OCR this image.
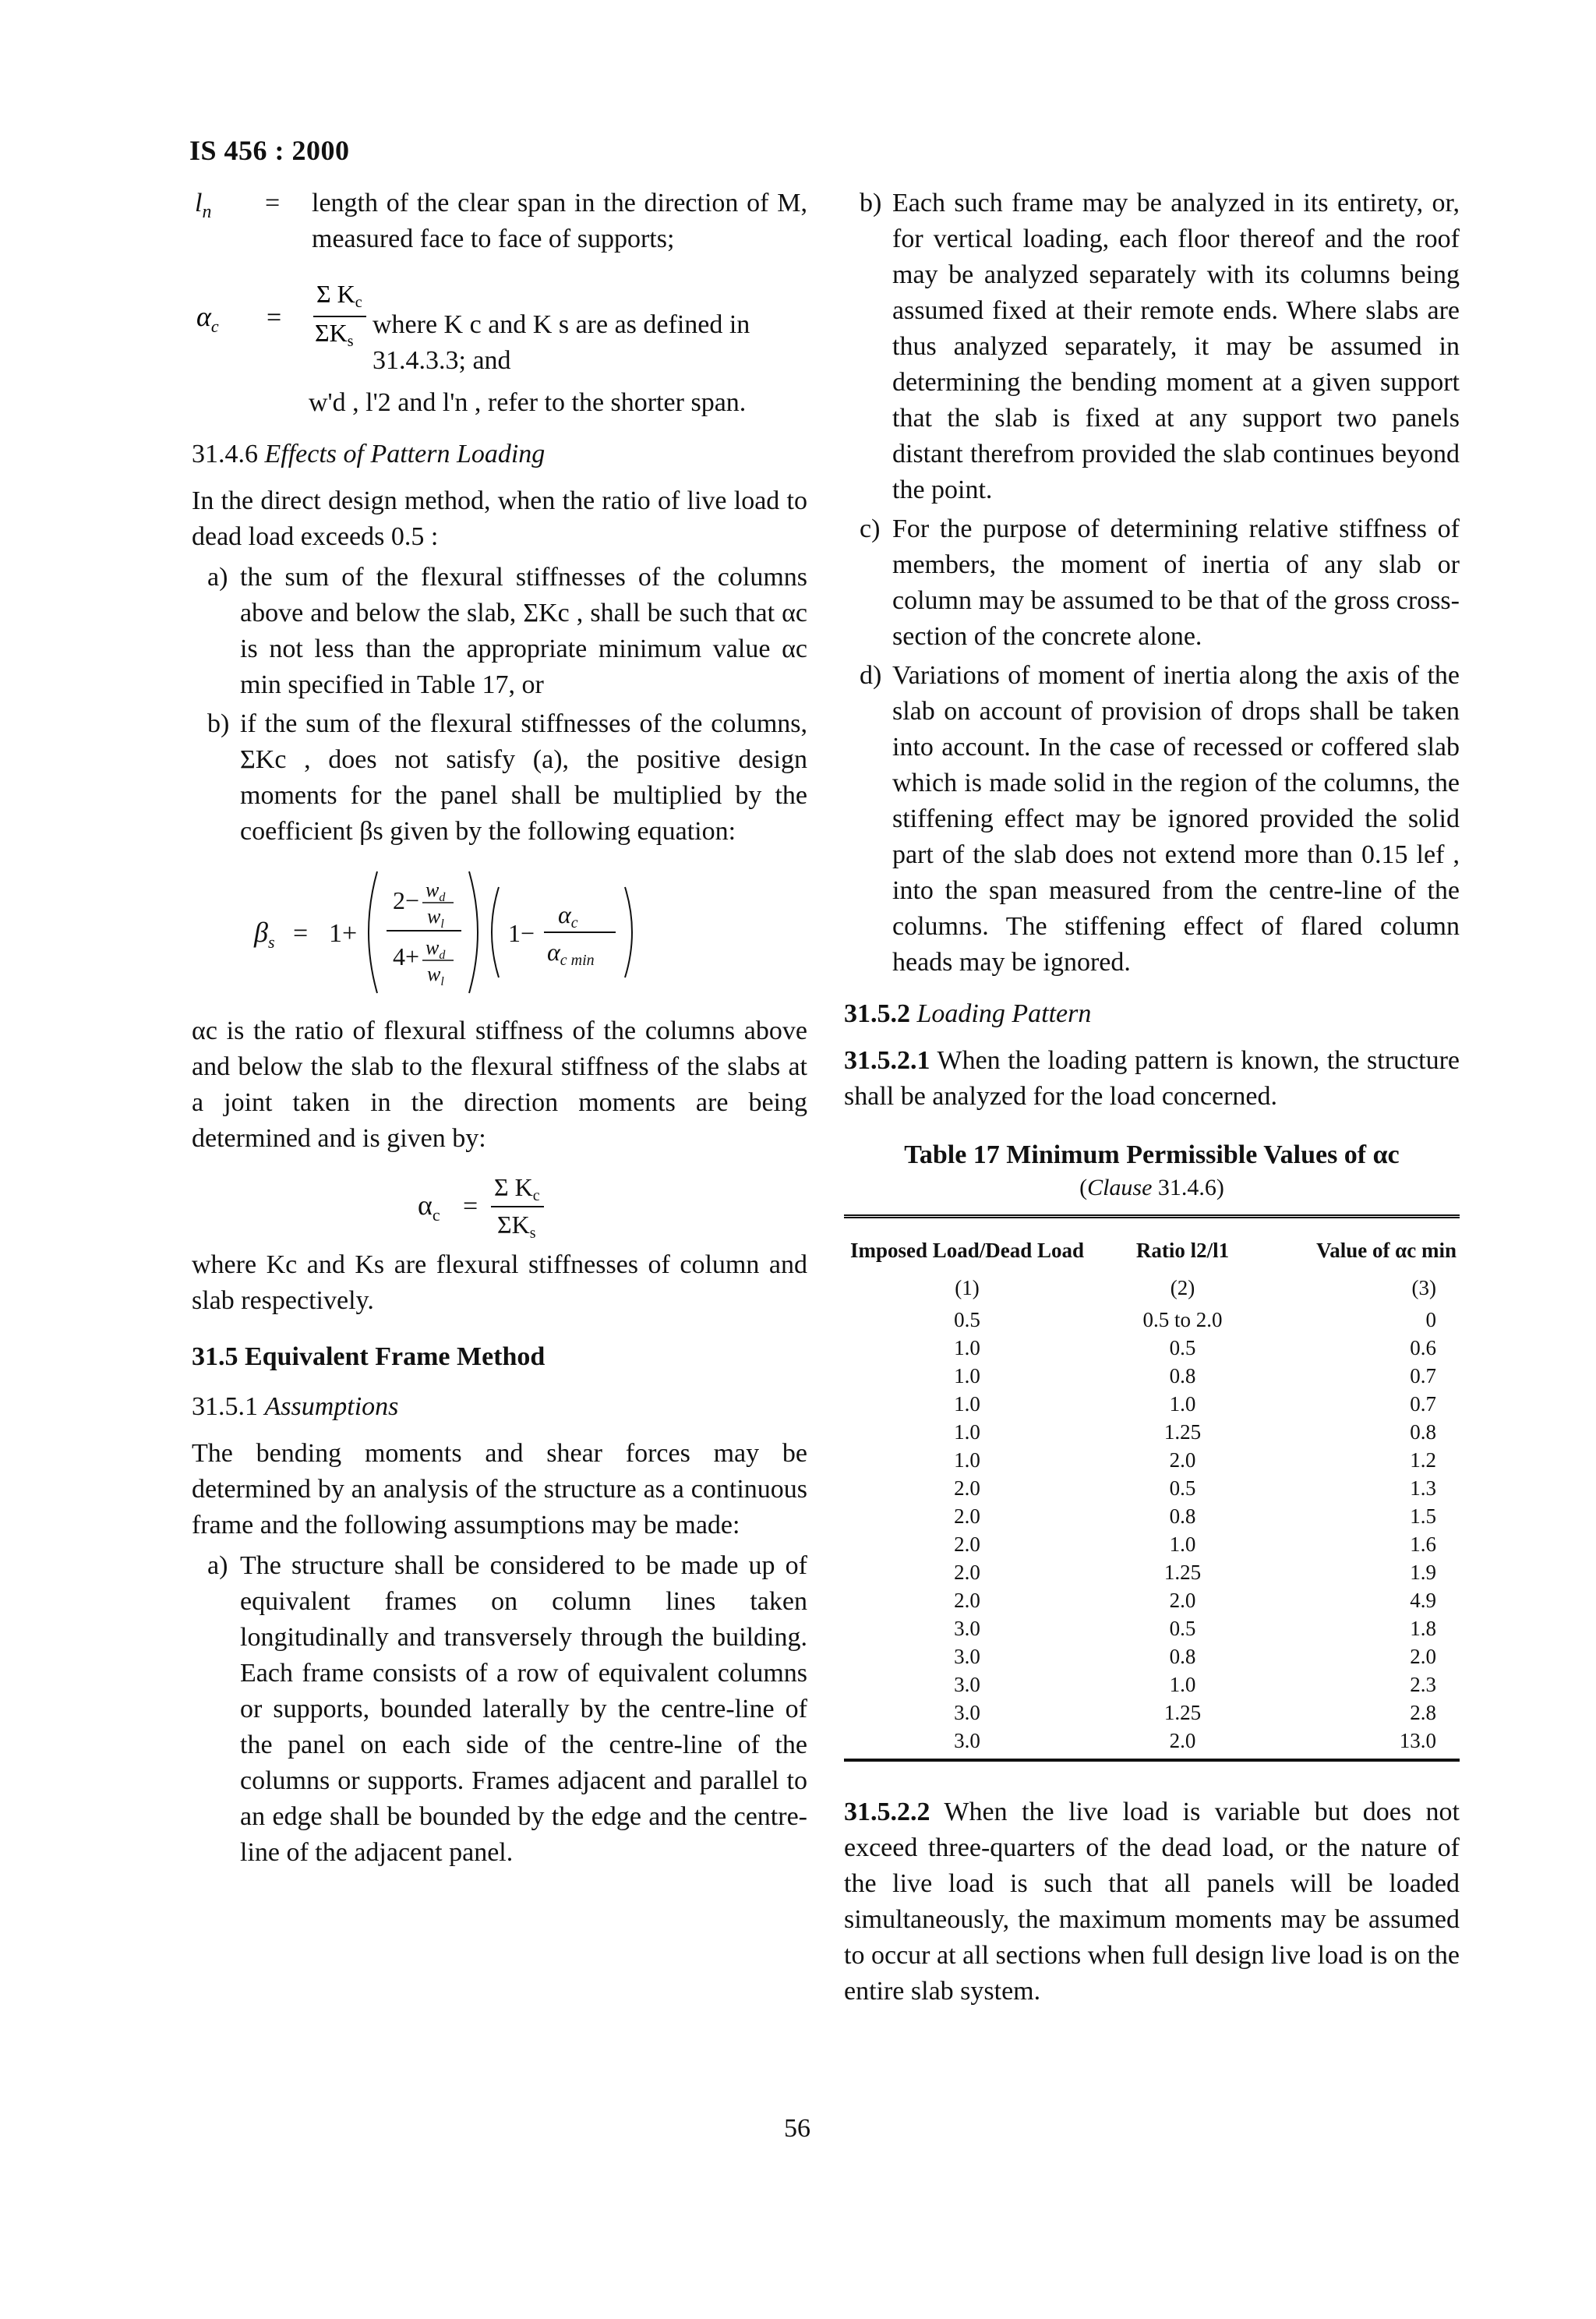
IS 456 : 2000
$l_n$	=	length of the clear span in the direction of M, measured face to face of supports;
$\alpha_c$ =
Σ Kc
ΣKs
where K c and K s are as defined in 31.4.3.3; and

w'd , l'2 and l'n , refer to the shorter span.

31.4.6 Effects of Pattern Loading

In the direct design method, when the ratio of live load to dead load exceeds 0.5 :

a) the sum of the flexural stiffnesses of the columns above and below the slab, ΣKc , shall be such that αc is not less than the appropriate minimum value αc min specified in Table 17, or
b) if the sum of the flexural stiffnesses of the columns, ΣKc , does not satisfy (a), the positive design moments for the panel shall be multiplied by the coefficient βs given by the following equation:
$\beta_s = 1+$
$2- w_d$
$w_l$
$4+ w_d$
$w_l$
1−
αc
αc min

αc is the ratio of flexural stiffness of the columns above and below the slab to the flexural stiffness of the slabs at a joint taken in the direction moments are being determined and is given by:

$\alpha_c$ =
Σ Kc
ΣKs

where Kc and Ks are flexural stiffnesses of column and slab respectively.

31.5 Equivalent Frame Method
31.5.1 Assumptions

The bending moments and shear forces may be determined by an analysis of the structure as a continuous frame and the following assumptions may be made:

a) The structure shall be considered to be made up of equivalent frames on column lines taken longitudinally and transversely through the building. Each frame consists of a row of equivalent columns or supports, bounded laterally by the centre-line of the panel on each side of the centre-line of the columns or supports. Frames adjacent and parallel to an edge shall be bounded by the edge and the centre-line of the adjacent panel.
b) Each such frame may be analyzed in its entirety, or, for vertical loading, each floor thereof and the roof may be analyzed separately with its columns being assumed fixed at their remote ends. Where slabs are thus analyzed separately, it may be assumed in determining the bending moment at a given support that the slab is fixed at any support two panels distant therefrom provided the slab continues beyond the point.
c) For the purpose of determining relative stiffness of members, the moment of inertia of any slab or column may be assumed to be that of the gross cross-section of the concrete alone.
d) Variations of moment of inertia along the axis of the slab on account of provision of drops shall be taken into account. In the case of recessed or coffered slab which is made solid in the region of the columns, the stiffening effect may be ignored provided the solid part of the slab does not extend more than 0.15 lef , into the span measured from the centre-line of the columns. The stiffening effect of flared column heads may be ignored.
31.5.2 Loading Pattern

31.5.2.1 When the loading pattern is known, the structure shall be analyzed for the load concerned.

Table 17 Minimum Permissible Values of αc
(Clause 31.4.6)
Imposed Load/Dead Load	Ratio l2/l1	Value of αc min
(1)	(2)	(3)
0.5	0.5 to 2.0	0
1.0	0.5	0.6
1.0	0.8	0.7
1.0	1.0	0.7
1.0	1.25	0.8
1.0	2.0	1.2
2.0	0.5	1.3
2.0	0.8	1.5
2.0	1.0	1.6
2.0	1.25	1.9
2.0	2.0	4.9
3.0	0.5	1.8
3.0	0.8	2.0
3.0	1.0	2.3
3.0	1.25	2.8
3.0	2.0	13.0

31.5.2.2 When the live load is variable but does not exceed three-quarters of the dead load, or the nature of the live load is such that all panels will be loaded simultaneously, the maximum moments may be assumed to occur at all sections when full design live load is on the entire slab system.

56
